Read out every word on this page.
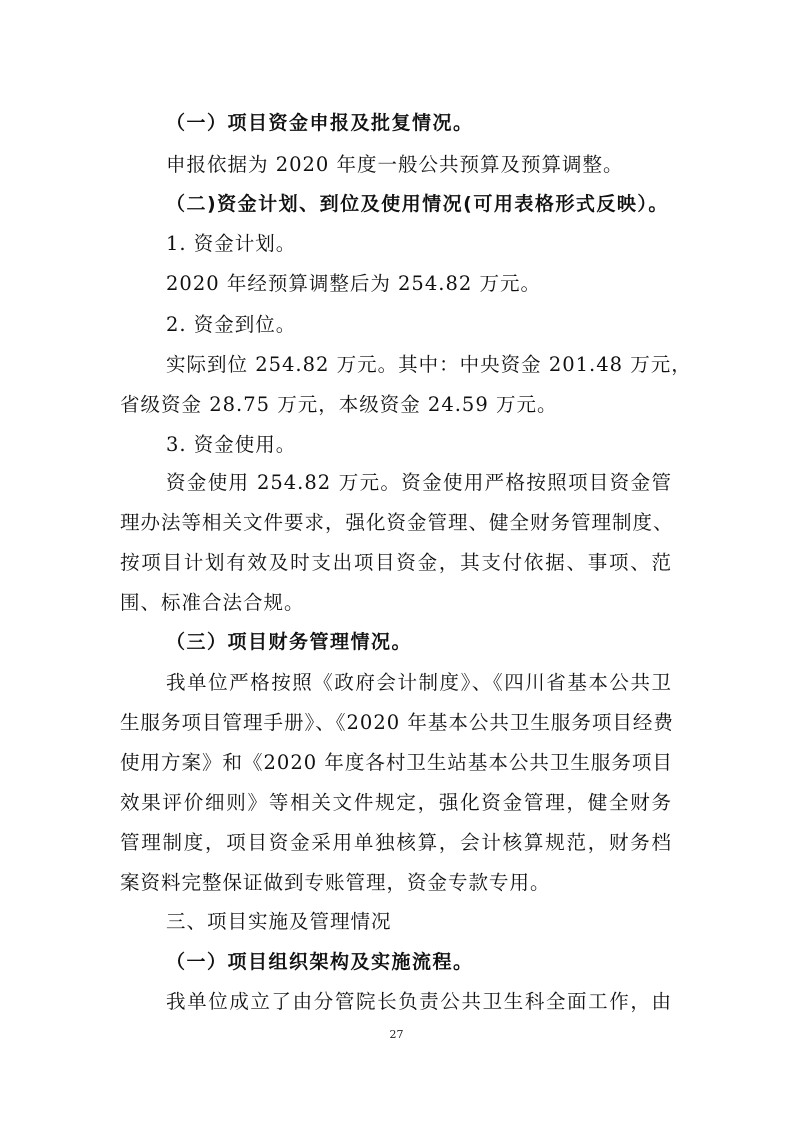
（一）项目资金申报及批复情况。
申报依据为 2020 年度一般公共预算及预算调整。
（二)资金计划、到位及使用情况(可用表格形式反映）。
1. 资金计划。
2020 年经预算调整后为 254.82 万元。
2. 资金到位。
实际到位 254.82 万元。其中：中央资金 201.48 万元，
省级资金 28.75 万元，本级资金 24.59 万元。
3. 资金使用。
资金使用 254.82 万元。资金使用严格按照项目资金管
理办法等相关文件要求，强化资金管理、健全财务管理制度、
按项目计划有效及时支出项目资金，其支付依据、事项、范
围、标准合法合规。
（三）项目财务管理情况。
我单位严格按照《政府会计制度》、《四川省基本公共卫
生服务项目管理手册》、《2020 年基本公共卫生服务项目经费
使用方案》和《2020 年度各村卫生站基本公共卫生服务项目
效果评价细则》等相关文件规定，强化资金管理，健全财务
管理制度，项目资金采用单独核算，会计核算规范，财务档
案资料完整保证做到专账管理，资金专款专用。
三、项目实施及管理情况
（一）项目组织架构及实施流程。
我单位成立了由分管院长负责公共卫生科全面工作，由
27
